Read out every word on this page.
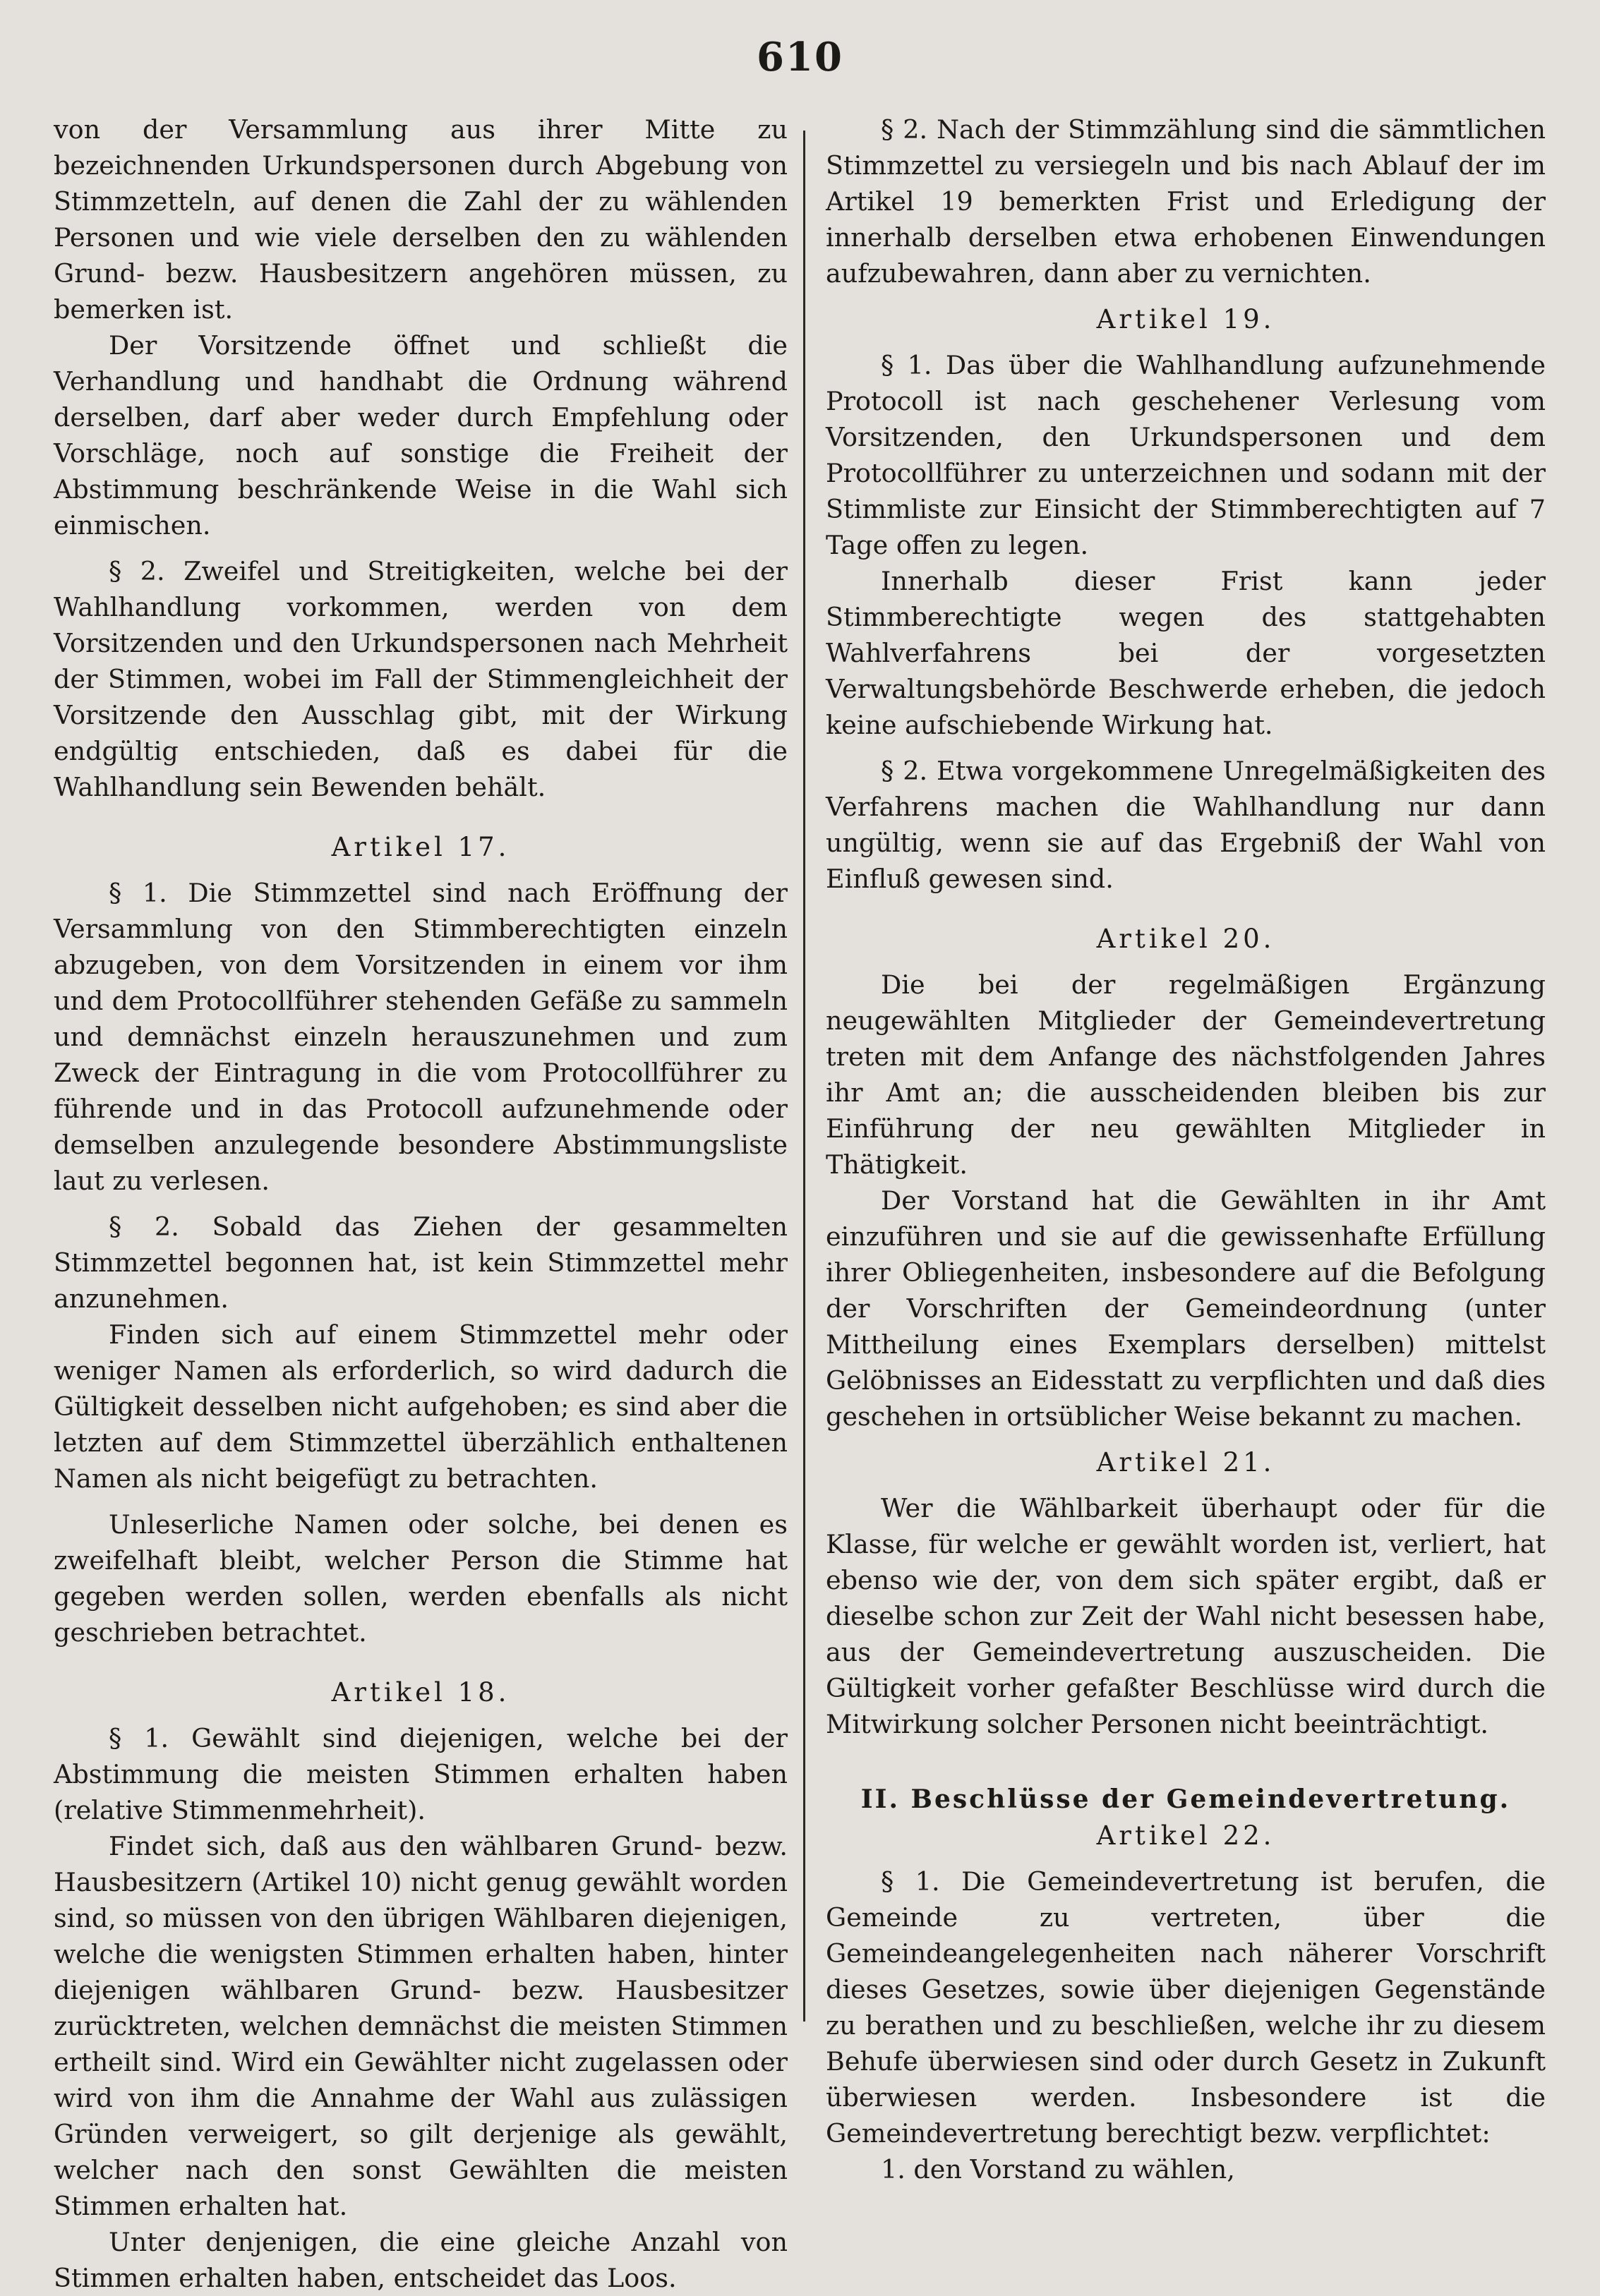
610

von der Versammlung aus ihrer Mitte zu bezeichnenden Urkundspersonen durch Abgebung von Stimmzetteln, auf denen die Zahl der zu wählenden Personen und wie viele derselben den zu wählenden Grund- bezw. Hausbesitzern angehören müssen, zu bemerken ist.

Der Vorsitzende öffnet und schließt die Verhandlung und handhabt die Ordnung während derselben, darf aber weder durch Empfehlung oder Vorschläge, noch auf sonstige die Freiheit der Abstimmung beschränkende Weise in die Wahl sich einmischen.

§ 2. Zweifel und Streitigkeiten, welche bei der Wahlhandlung vorkommen, werden von dem Vorsitzenden und den Urkundspersonen nach Mehrheit der Stimmen, wobei im Fall der Stimmengleichheit der Vorsitzende den Ausschlag gibt, mit der Wirkung endgültig entschieden, daß es dabei für die Wahlhandlung sein Bewenden behält.

Artikel 17.

§ 1. Die Stimmzettel sind nach Eröffnung der Versammlung von den Stimmberechtigten einzeln abzugeben, von dem Vorsitzenden in einem vor ihm und dem Protocollführer stehenden Gefäße zu sammeln und demnächst einzeln herauszunehmen und zum Zweck der Eintragung in die vom Protocollführer zu führende und in das Protocoll aufzunehmende oder demselben anzulegende besondere Abstimmungsliste laut zu verlesen.

§ 2. Sobald das Ziehen der gesammelten Stimmzettel begonnen hat, ist kein Stimmzettel mehr anzunehmen.

Finden sich auf einem Stimmzettel mehr oder weniger Namen als erforderlich, so wird dadurch die Gültigkeit desselben nicht aufgehoben; es sind aber die letzten auf dem Stimmzettel überzählich enthaltenen Namen als nicht beigefügt zu betrachten.

Unleserliche Namen oder solche, bei denen es zweifelhaft bleibt, welcher Person die Stimme hat gegeben werden sollen, werden ebenfalls als nicht geschrieben betrachtet.

Artikel 18.

§ 1. Gewählt sind diejenigen, welche bei der Abstimmung die meisten Stimmen erhalten haben (relative Stimmenmehrheit).

Findet sich, daß aus den wählbaren Grund- bezw. Hausbesitzern (Artikel 10) nicht genug gewählt worden sind, so müssen von den übrigen Wählbaren diejenigen, welche die wenigsten Stimmen erhalten haben, hinter diejenigen wählbaren Grund- bezw. Hausbesitzer zurücktreten, welchen demnächst die meisten Stimmen ertheilt sind. Wird ein Gewählter nicht zugelassen oder wird von ihm die Annahme der Wahl aus zulässigen Gründen verweigert, so gilt derjenige als gewählt, welcher nach den sonst Gewählten die meisten Stimmen erhalten hat.

Unter denjenigen, die eine gleiche Anzahl von Stimmen erhalten haben, entscheidet das Loos.

§ 2. Nach der Stimmzählung sind die sämmtlichen Stimmzettel zu versiegeln und bis nach Ablauf der im Artikel 19 bemerkten Frist und Erledigung der innerhalb derselben etwa erhobenen Einwendungen aufzubewahren, dann aber zu vernichten.

Artikel 19.

§ 1. Das über die Wahlhandlung aufzunehmende Protocoll ist nach geschehener Verlesung vom Vorsitzenden, den Urkundspersonen und dem Protocollführer zu unterzeichnen und sodann mit der Stimmliste zur Einsicht der Stimmberechtigten auf 7 Tage offen zu legen.

Innerhalb dieser Frist kann jeder Stimmberechtigte wegen des stattgehabten Wahlverfahrens bei der vorgesetzten Verwaltungsbehörde Beschwerde erheben, die jedoch keine aufschiebende Wirkung hat.

§ 2. Etwa vorgekommene Unregelmäßigkeiten des Verfahrens machen die Wahlhandlung nur dann ungültig, wenn sie auf das Ergebniß der Wahl von Einfluß gewesen sind.

Artikel 20.

Die bei der regelmäßigen Ergänzung neugewählten Mitglieder der Gemeindevertretung treten mit dem Anfange des nächstfolgenden Jahres ihr Amt an; die ausscheidenden bleiben bis zur Einführung der neu gewählten Mitglieder in Thätigkeit.

Der Vorstand hat die Gewählten in ihr Amt einzuführen und sie auf die gewissenhafte Erfüllung ihrer Obliegenheiten, insbesondere auf die Befolgung der Vorschriften der Gemeindeordnung (unter Mittheilung eines Exemplars derselben) mittelst Gelöbnisses an Eidesstatt zu verpflichten und daß dies geschehen in ortsüblicher Weise bekannt zu machen.

Artikel 21.

Wer die Wählbarkeit überhaupt oder für die Klasse, für welche er gewählt worden ist, verliert, hat ebenso wie der, von dem sich später ergibt, daß er dieselbe schon zur Zeit der Wahl nicht besessen habe, aus der Gemeindevertretung auszuscheiden. Die Gültigkeit vorher gefaßter Beschlüsse wird durch die Mitwirkung solcher Personen nicht beeinträchtigt.

II. Beschlüsse der Gemeindevertretung.

Artikel 22.

§ 1. Die Gemeindevertretung ist berufen, die Gemeinde zu vertreten, über die Gemeindeangelegenheiten nach näherer Vorschrift dieses Gesetzes, sowie über diejenigen Gegenstände zu berathen und zu beschließen, welche ihr zu diesem Behufe überwiesen sind oder durch Gesetz in Zukunft überwiesen werden. Insbesondere ist die Gemeindevertretung berechtigt bezw. verpflichtet:

1. den Vorstand zu wählen,
